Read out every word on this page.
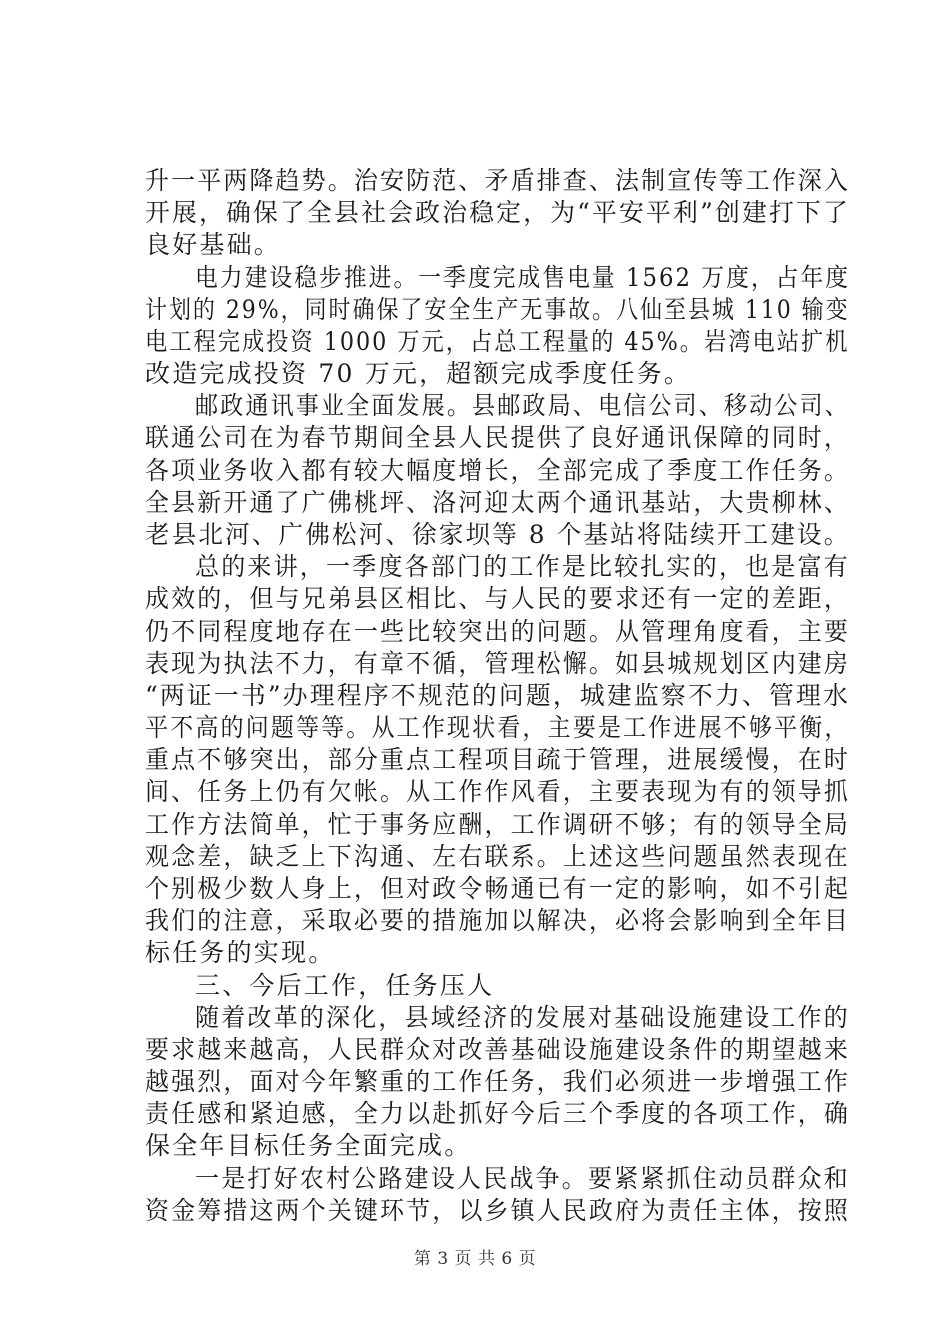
升一平两降趋势。治安防范、矛盾排查、法制宣传等工作深入
开展，确保了全县社会政治稳定，为“平安平利”创建打下了
良好基础。
电力建设稳步推进。一季度完成售电量 1562 万度，占年度
计划的 29%，同时确保了安全生产无事故。八仙至县城 110 输变
电工程完成投资 1000 万元，占总工程量的 45%。岩湾电站扩机
改造完成投资 70 万元，超额完成季度任务。
邮政通讯事业全面发展。县邮政局、电信公司、移动公司、
联通公司在为春节期间全县人民提供了良好通讯保障的同时，
各项业务收入都有较大幅度增长，全部完成了季度工作任务。
全县新开通了广佛桃坪、洛河迎太两个通讯基站，大贵柳林、
老县北河、广佛松河、徐家坝等 8 个基站将陆续开工建设。
总的来讲，一季度各部门的工作是比较扎实的，也是富有
成效的，但与兄弟县区相比、与人民的要求还有一定的差距，
仍不同程度地存在一些比较突出的问题。从管理角度看，主要
表现为执法不力，有章不循，管理松懈。如县城规划区内建房
“两证一书”办理程序不规范的问题，城建监察不力、管理水
平不高的问题等等。从工作现状看，主要是工作进展不够平衡，
重点不够突出，部分重点工程项目疏于管理，进展缓慢，在时
间、任务上仍有欠帐。从工作作风看，主要表现为有的领导抓
工作方法简单，忙于事务应酬，工作调研不够；有的领导全局
观念差，缺乏上下沟通、左右联系。上述这些问题虽然表现在
个别极少数人身上，但对政令畅通已有一定的影响，如不引起
我们的注意，采取必要的措施加以解决，必将会影响到全年目
标任务的实现。
三、今后工作，任务压人
随着改革的深化，县域经济的发展对基础设施建设工作的
要求越来越高，人民群众对改善基础设施建设条件的期望越来
越强烈，面对今年繁重的工作任务，我们必须进一步增强工作
责任感和紧迫感，全力以赴抓好今后三个季度的各项工作，确
保全年目标任务全面完成。
一是打好农村公路建设人民战争。要紧紧抓住动员群众和
资金筹措这两个关键环节，以乡镇人民政府为责任主体，按照
第 3 页 共 6 页
